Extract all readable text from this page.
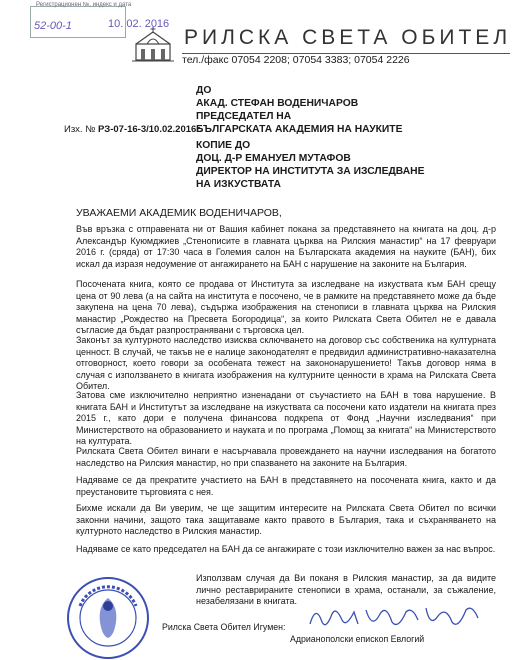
Регистрационен №, индекс и дата
52-00-1	10. 02. 2016
РИЛСКА СВЕТА ОБИТЕЛ
тел./факс 07054 2208; 07054 3383; 07054 2226
ДО
АКАД. СТЕФАН ВОДЕНИЧАРОВ
ПРЕДСЕДАТЕЛ НА
БЪЛГАРСКАТА АКАДЕМИЯ НА НАУКИТЕ
Изх. № РЗ-07-16-3/10.02.2016г.
КОПИЕ ДО
ДОЦ. Д-Р ЕМАНУЕЛ МУТАФОВ
ДИРЕКТОР НА ИНСТИТУТА ЗА ИЗСЛЕДВАНЕ
НА ИЗКУСТВАТА
УВАЖАЕМИ АКАДЕМИК ВОДЕНИЧАРОВ,
Във връзка с отправената ни от Вашия кабинет покана за представянето на книгата на доц. д-р Александър Куюмджиев „Стенописите в главната църква на Рилския манастир“ на 17 февруари 2016 г. (сряда) от 17:30 часа в Големия салон на Българската академия на науките (БАН), бих искал да изразя недоумение от ангажирането на БАН с нарушение на законите на България.
Посочената книга, която се продава от Института за изследване на изкуствата към БАН срещу цена от 90 лева (а на сайта на института е посочено, че в рамките на представянето може да бъде закупена на цена 70 лева), съдържа изображения на стенописи в главната църква на Рилския манастир „Рождество на Пресвета Богородица“, за които Рилската Света Обител не е давала съгласие да бъдат разпространявани с търговска цел.
Законът за културното наследство изисква сключването на договор със собственика на културната ценност. В случай, че такъв не е налице законодателят е предвидил административно-наказателна отговорност, което говори за особената тежест на закононарушението! Такъв договор няма в случая с използването в книгата изображения на културните ценности в храма на Рилската Света Обител.
Затова сме изключително неприятно изненадани от съучастието на БАН в това нарушение. В книгата БАН и Институтът за изследване на изкуствата са посочени като издатели на книгата през 2015 г., като дори е получена финансова подкрепа от Фонд „Научни изследвания“ при Министерството на образованието и науката и по програма „Помощ за книгата“ на Министерството на културата.
Рилската Света Обител винаги е насърчавала провеждането на научни изследвания на богатото наследство на Рилския манастир, но при спазването на законите на България.
Надяваме се да прекратите участието на БАН в представянето на посочената книга, както и да преустановите търговията с нея.
Бихме искали да Ви уверим, че ще защитим интересите на Рилската Света Обител по всички законни начини, защото така защитаваме както правото в България, така и съхраняването на културното наследство в Рилския манастир.
Надяваме се като председател на БАН да се ангажирате с този изключително важен за нас въпрос.
Използвам случая да Ви поканя в Рилския манастир, за да видите лично реставрираните стенописи в храма, останали, за съжаление, незабелязани в книгата.
Рилска Света Обител Игумен:
Адрианополски епископ Евлогий
